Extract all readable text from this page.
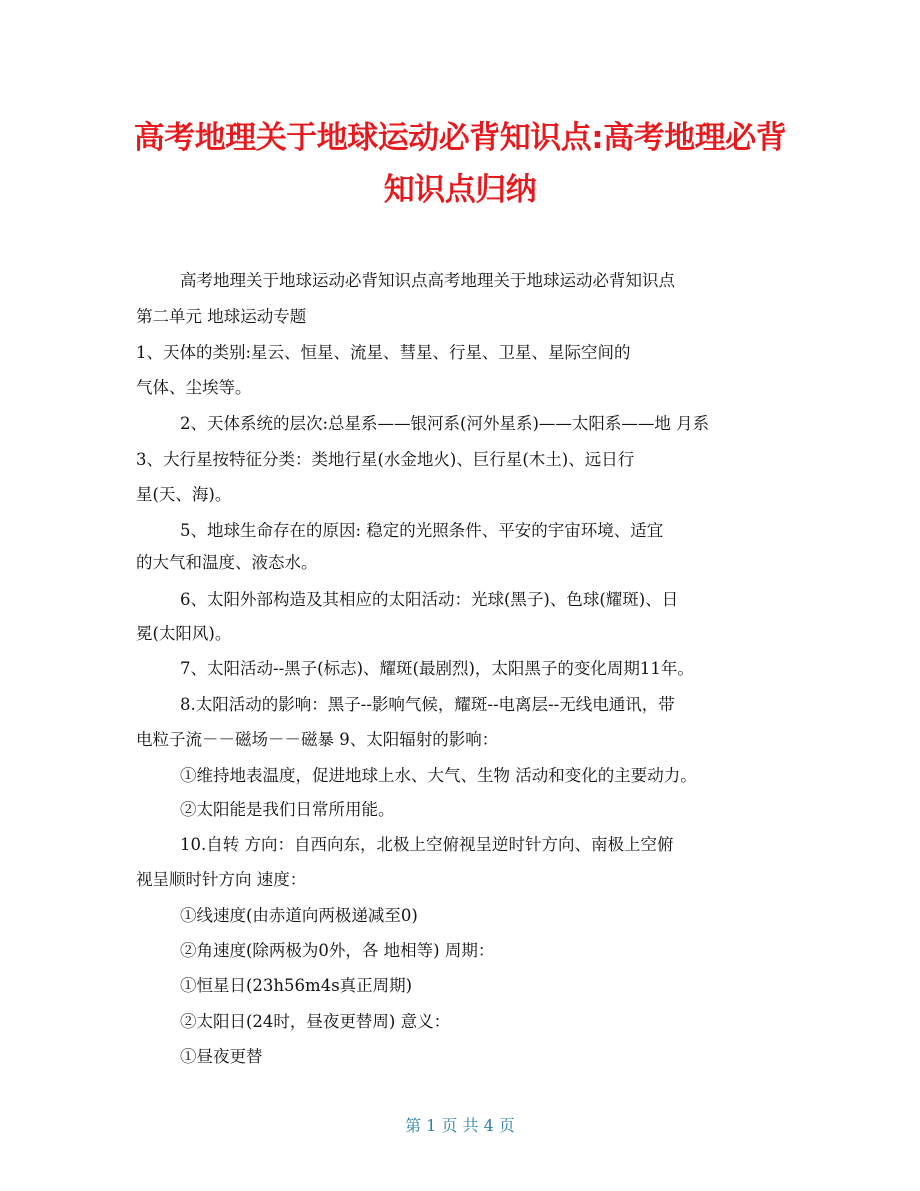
高考地理关于地球运动必背知识点:高考地理必背知识点归纳
高考地理关于地球运动必背知识点高考地理关于地球运动必背知识点
第二单元 地球运动专题
1、天体的类别:星云、恒星、流星、彗星、行星、卫星、星际空间的
气体、尘埃等。
2、天体系统的层次:总星系——银河系(河外星系)——太阳系——地 月系
3、大行星按特征分类：类地行星(水金地火)、巨行星(木土)、远日行
星(天、海)。
5、地球生命存在的原因: 稳定的光照条件、平安的宇宙环境、适宜
的大气和温度、液态水。
6、太阳外部构造及其相应的太阳活动：光球(黑子)、色球(耀斑)、日
冕(太阳风)。
7、太阳活动--黑子(标志)、耀斑(最剧烈)，太阳黑子的变化周期11年。
8.太阳活动的影响：黑子--影响气候，耀斑--电离层--无线电通讯，带
电粒子流－－磁场－－磁暴 9、太阳辐射的影响：
①维持地表温度，促进地球上水、大气、生物 活动和变化的主要动力。
②太阳能是我们日常所用能。
10.自转 方向：自西向东，北极上空俯视呈逆时针方向、南极上空俯
视呈顺时针方向 速度：
①线速度(由赤道向两极递减至0)
②角速度(除两极为0外，各 地相等) 周期：
①恒星日(23h56m4s真正周期)
②太阳日(24时，昼夜更替周) 意义：
①昼夜更替
第 1 页 共 4 页
